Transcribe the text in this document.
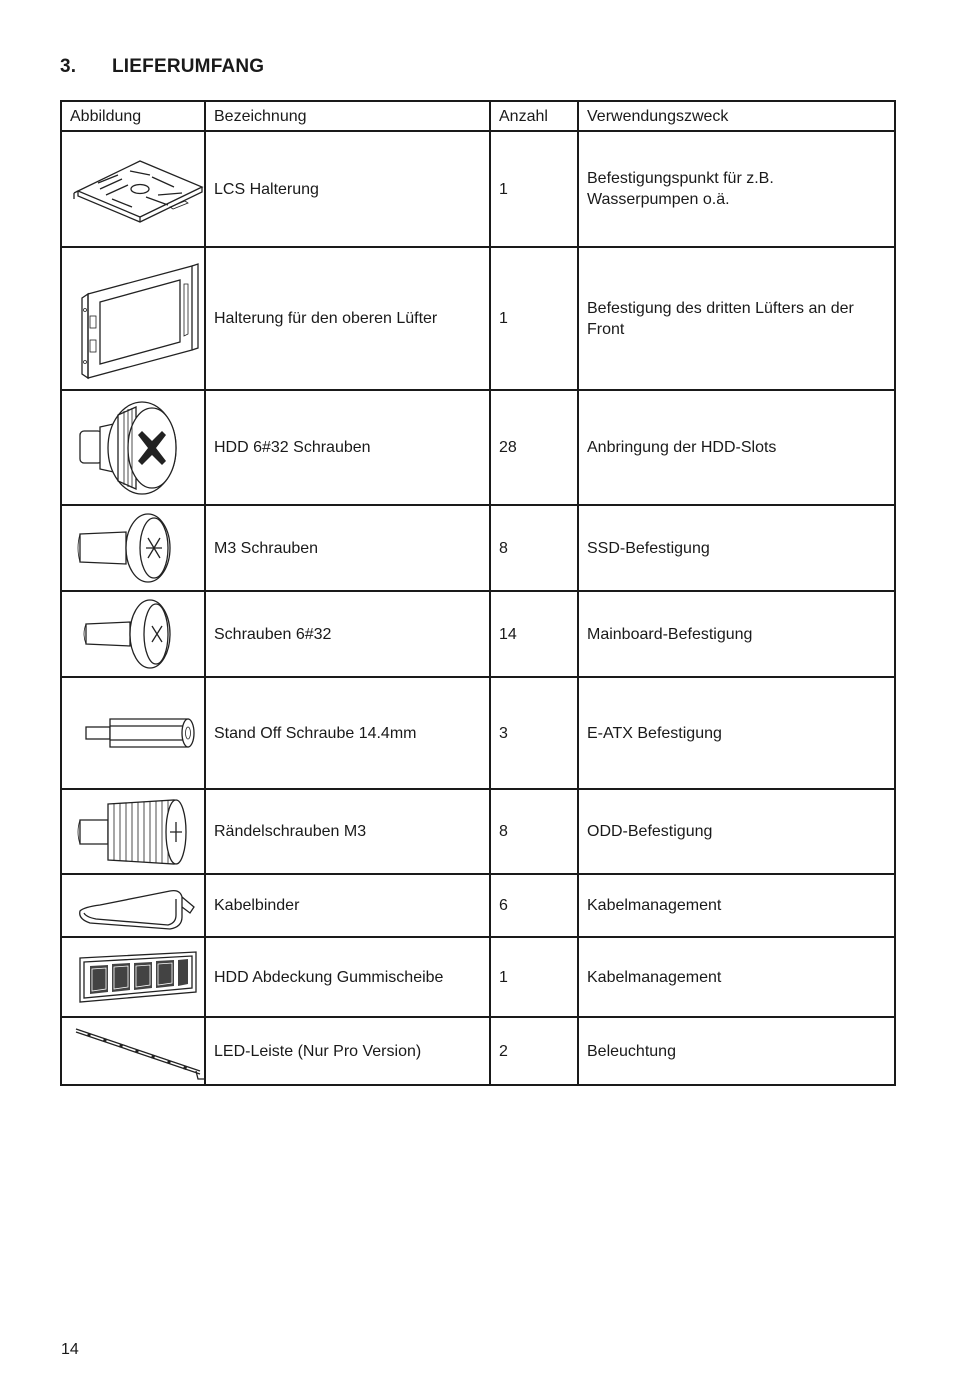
3. LIEFERUMFANG
Abbildung	Bezeichnung	Anzahl	Verwendungszweck

	LCS Halterung	1	Befestigungspunkt für z.B. Wasserpumpen o.ä.

	Halterung für den oberen Lüfter	1	Befestigung des dritten Lüfters an der Front

	HDD 6#32 Schrauben	28	Anbringung der HDD-Slots

	M3 Schrauben	8	SSD-Befestigung

	Schrauben 6#32	14	Mainboard-Befestigung

	Stand Off Schraube 14.4mm	3	E-ATX Befestigung

	Rändelschrauben M3	8	ODD-Befestigung

	Kabelbinder	6	Kabelmanagement

	HDD Abdeckung Gummischeibe	1	Kabelmanagement

	LED-Leiste (Nur Pro Version)	2	Beleuchtung
14
